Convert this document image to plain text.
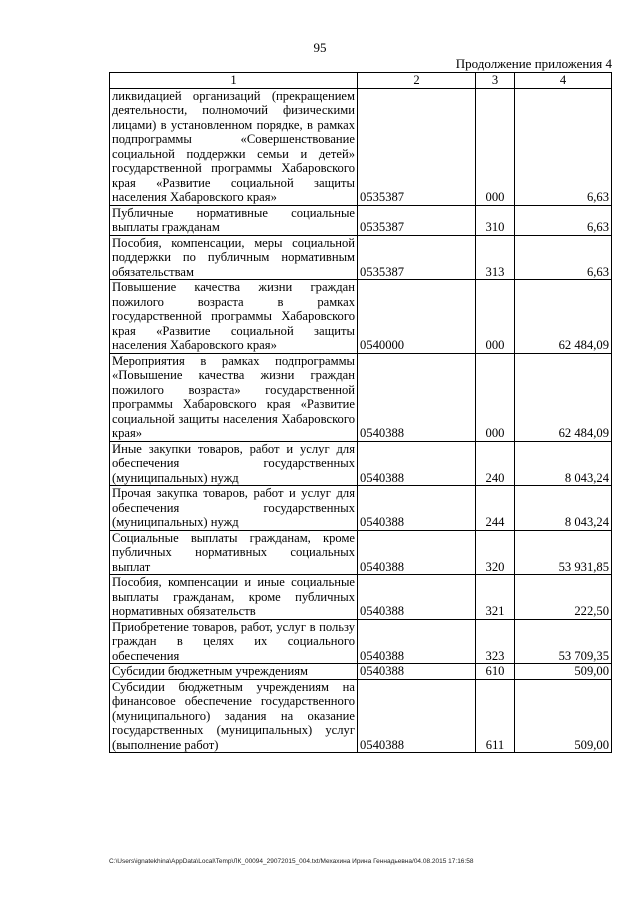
95
Продолжение приложения 4
1	2	3	4
ликвидацией организаций (прекращением деятельности, полномочий физическими лицами) в установленном порядке, в рамках подпрограммы «Совершенствование социальной поддержки семьи и детей» государственной программы Хабаровского края «Развитие социальной защиты населения Хабаровского края»	0535387	000	6,63
Публичные нормативные социальные выплаты гражданам	0535387	310	6,63
Пособия, компенсации, меры социальной поддержки по публичным нормативным обязательствам	0535387	313	6,63
Повышение качества жизни граждан пожилого возраста в рамках государственной программы Хабаровского края «Развитие социальной защиты населения Хабаровского края»	0540000	000	62 484,09
Мероприятия в рамках подпрограммы «Повышение качества жизни граждан пожилого возраста» государственной программы Хабаровского края «Развитие социальной защиты населения Хабаровского края»	0540388	000	62 484,09
Иные закупки товаров, работ и услуг для обеспечения государственных (муниципальных) нужд	0540388	240	8 043,24
Прочая закупка товаров, работ и услуг для обеспечения государственных (муниципальных) нужд	0540388	244	8 043,24
Социальные выплаты гражданам, кроме публичных нормативных социальных выплат	0540388	320	53 931,85
Пособия, компенсации и иные социальные выплаты гражданам, кроме публичных нормативных обязательств	0540388	321	222,50
Приобретение товаров, работ, услуг в пользу граждан в целях их социального обеспечения	0540388	323	53 709,35
Субсидии бюджетным учреждениям	0540388	610	509,00
Субсидии бюджетным учреждениям на финансовое обеспечение государственного (муниципального) задания на оказание государственных (муниципальных) услуг (выполнение работ)	0540388	611	509,00
C:\Users\ignatekhina\AppData\Local\Temp\ЛК_00094_29072015_004.txt/Мехахина Ирина Геннадьевна/04.08.2015 17:16:58
